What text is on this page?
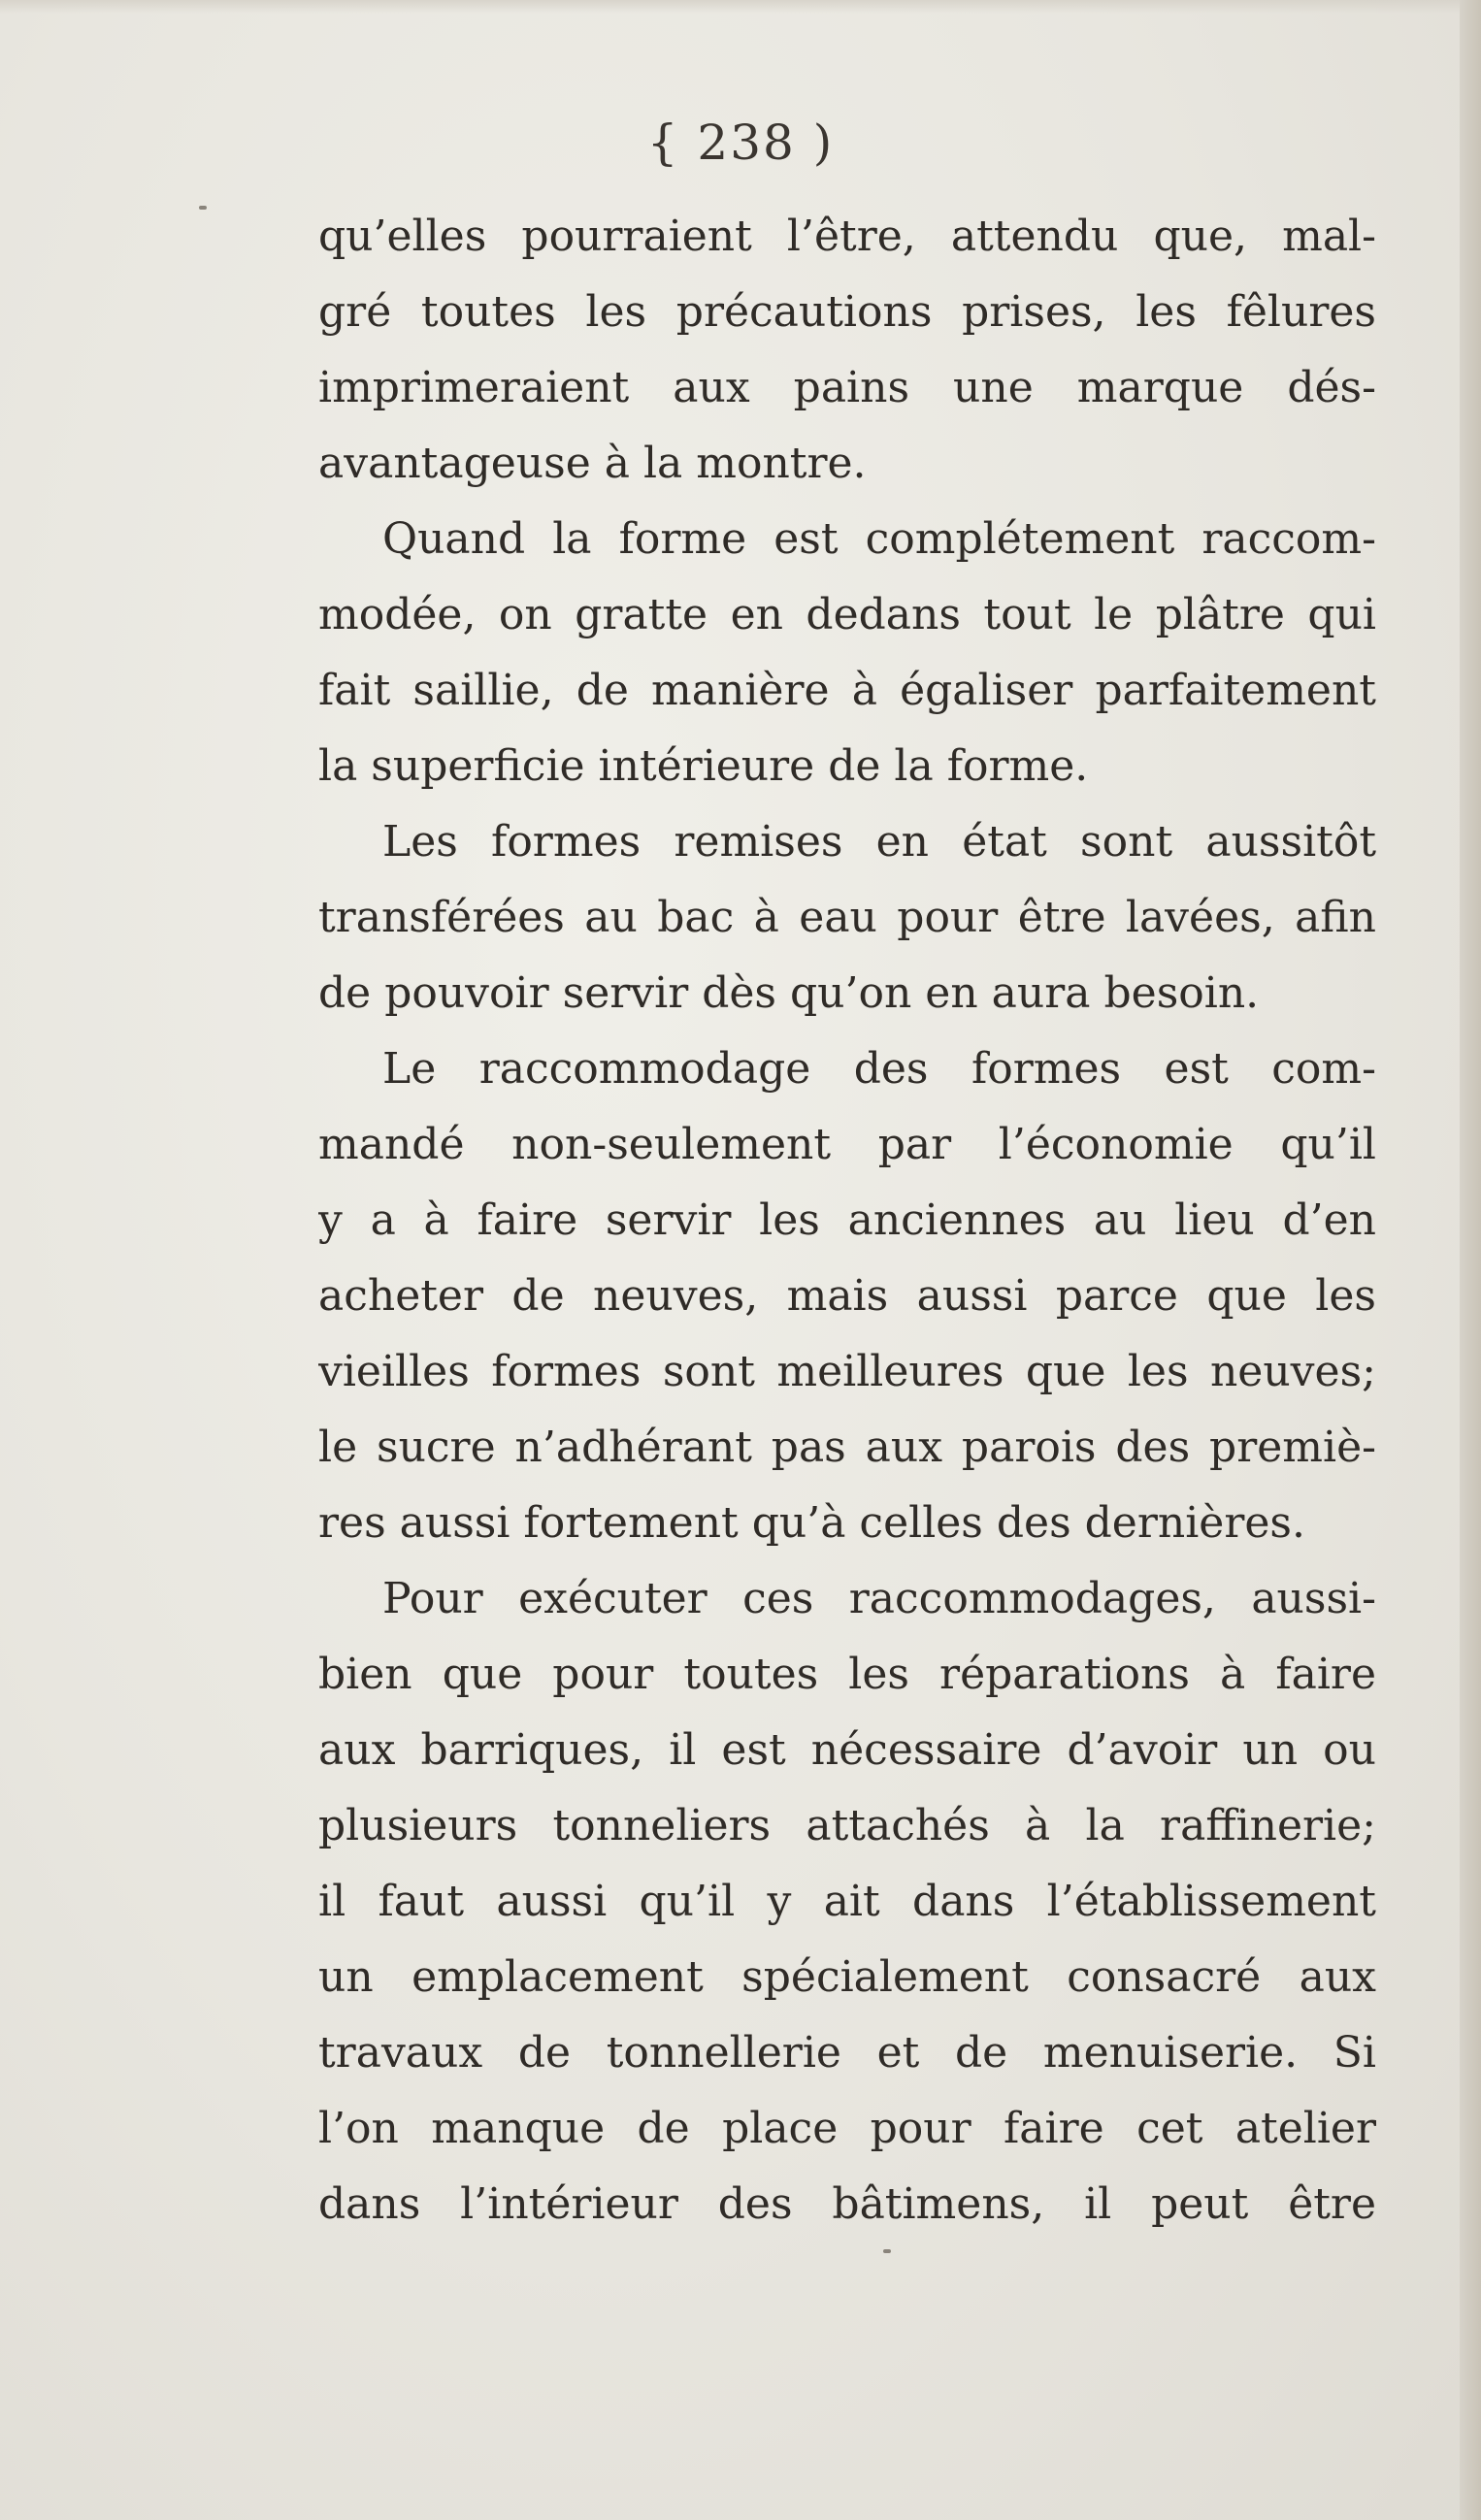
{ 238 )
qu’elles pourraient l’être, attendu que, mal-
gré toutes les précautions prises, les fêlures
imprimeraient aux pains une marque dés-
avantageuse à la montre.
Quand la forme est complétement raccom-
modée, on gratte en dedans tout le plâtre qui
fait saillie, de manière à égaliser parfaitement
la superficie intérieure de la forme.
Les formes remises en état sont aussitôt
transférées au bac à eau pour être lavées, afin
de pouvoir servir dès qu’on en aura besoin.
Le raccommodage des formes est com-
mandé non-seulement par l’économie qu’il
y a à faire servir les anciennes au lieu d’en
acheter de neuves, mais aussi parce que les
vieilles formes sont meilleures que les neuves;
le sucre n’adhérant pas aux parois des premiè-
res aussi fortement qu’à celles des dernières.
Pour exécuter ces raccommodages, aussi-
bien que pour toutes les réparations à faire
aux barriques, il est nécessaire d’avoir un ou
plusieurs tonneliers attachés à la raffinerie;
il faut aussi qu’il y ait dans l’établissement
un emplacement spécialement consacré aux
travaux de tonnellerie et de menuiserie. Si
l’on manque de place pour faire cet atelier
dans l’intérieur des bâtimens, il peut être
